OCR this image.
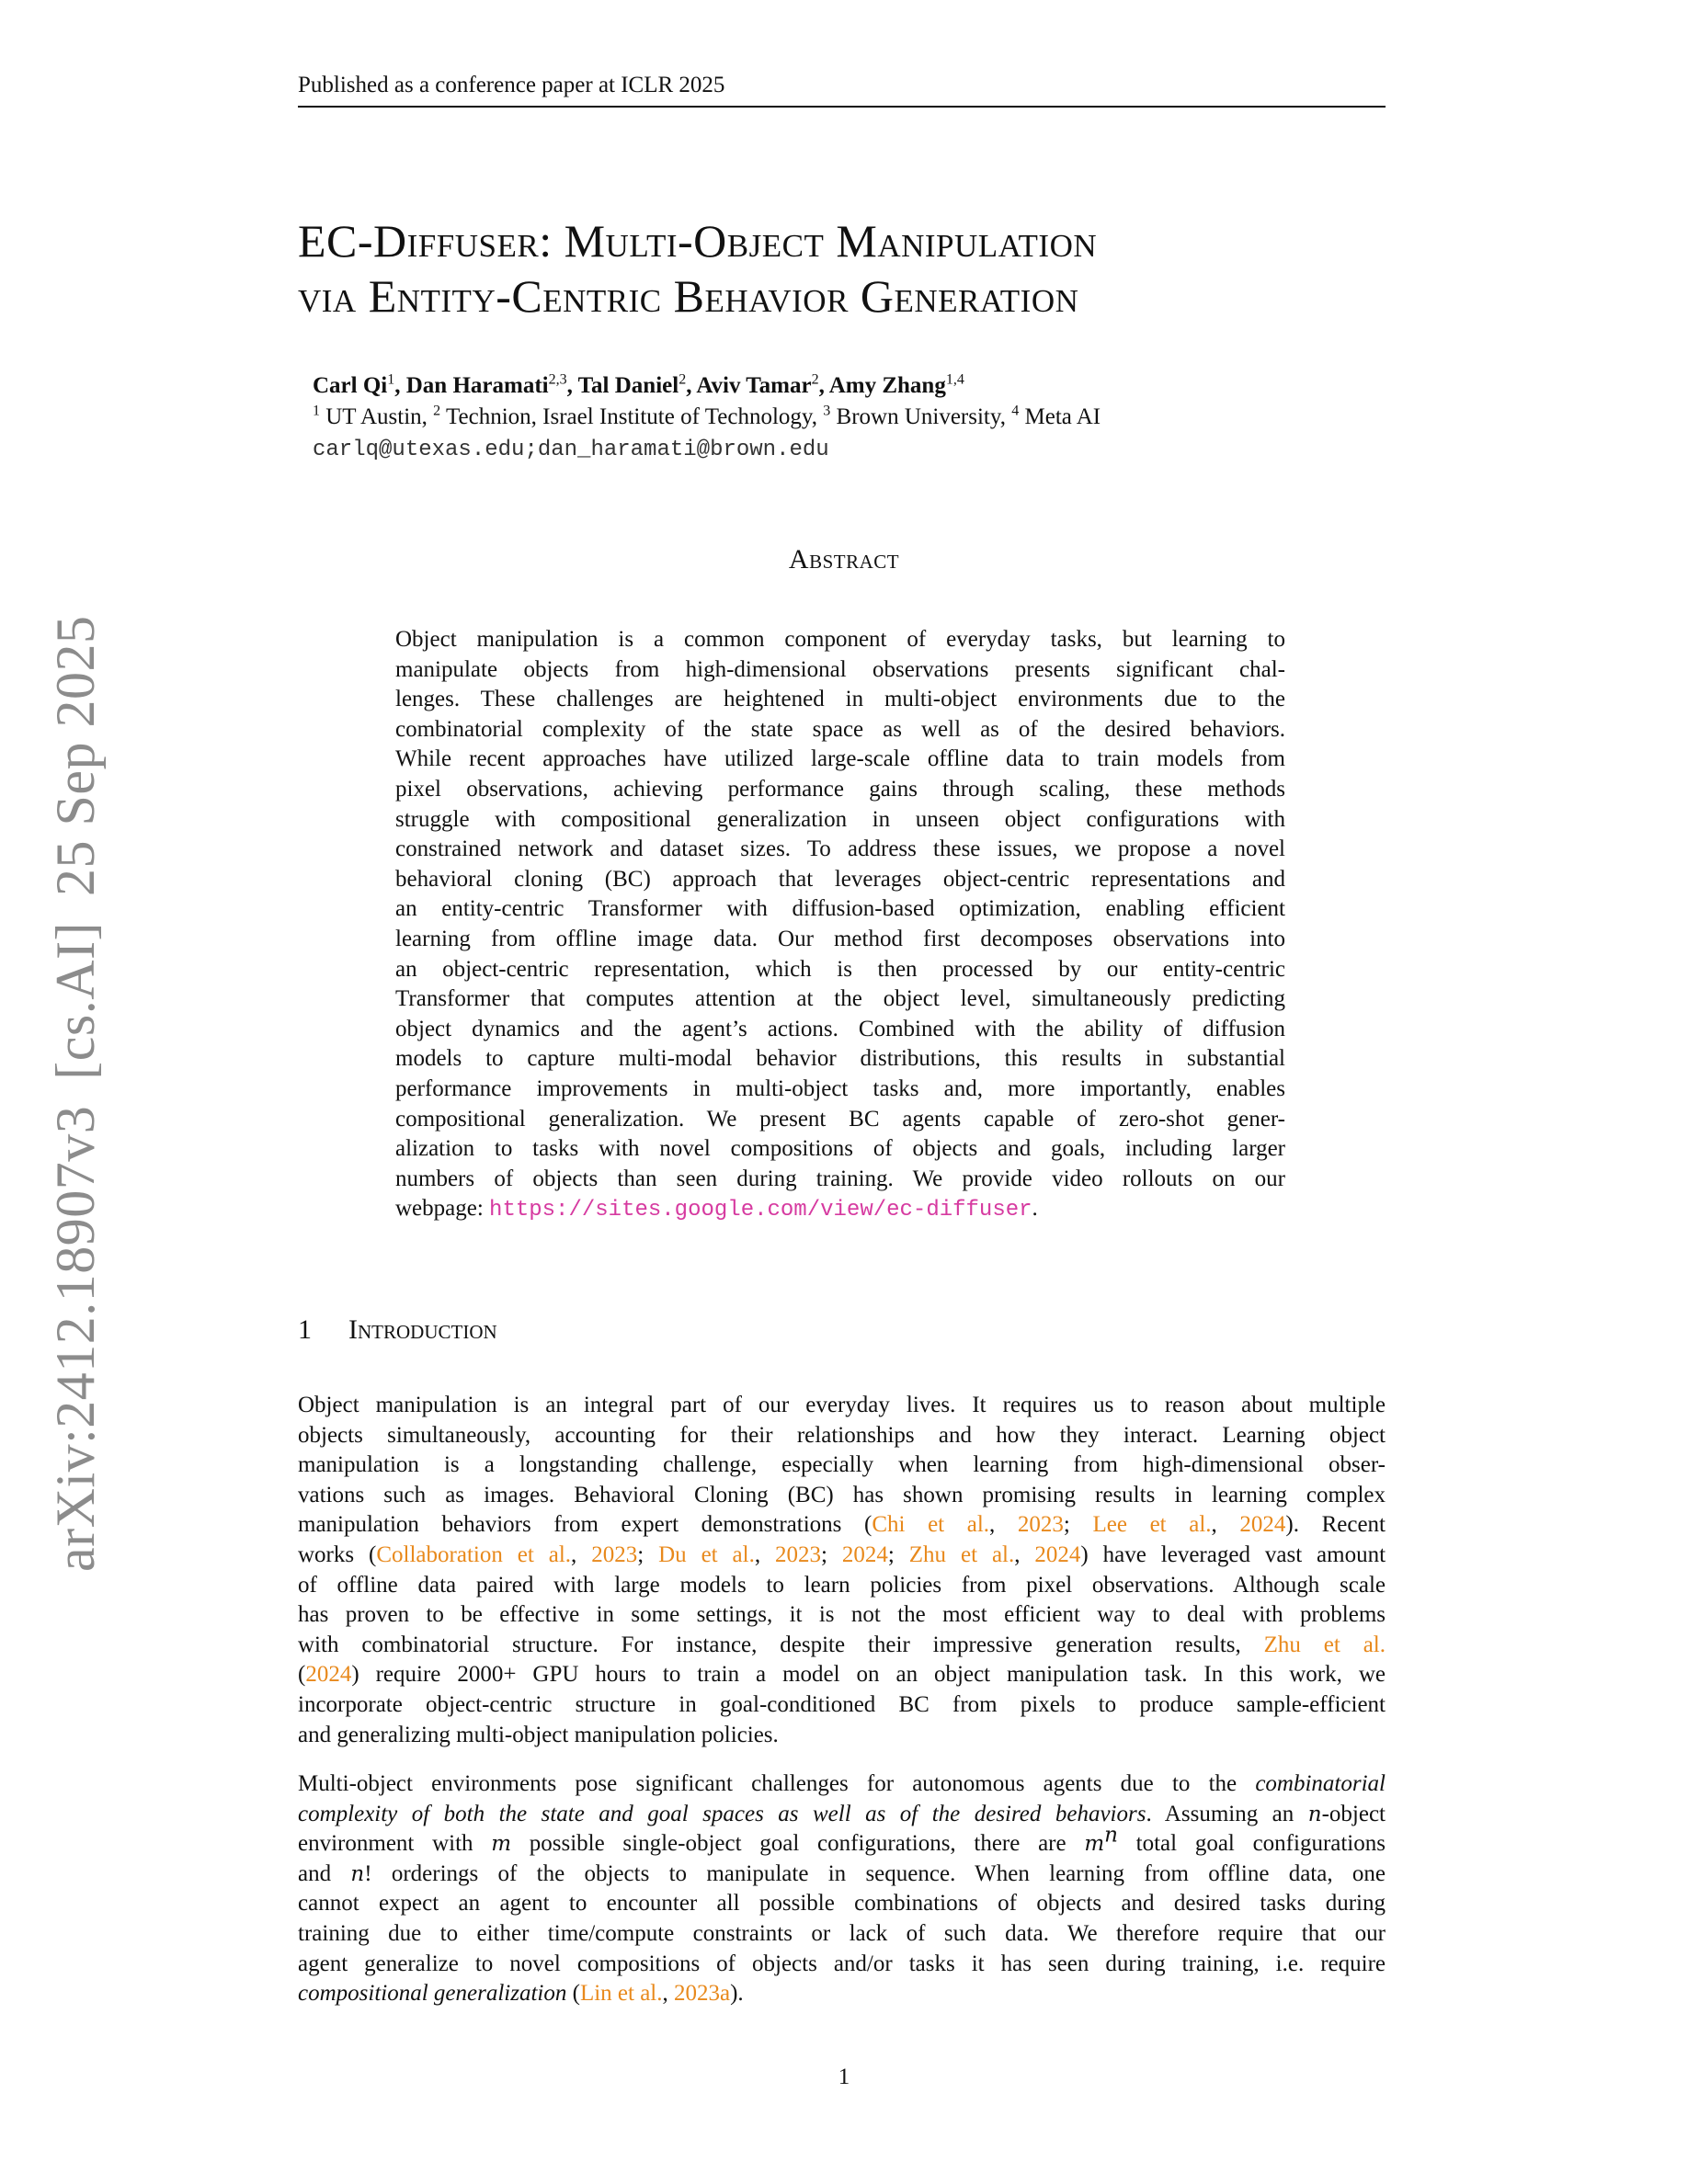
arXiv:2412.18907v3[cs.AI]25 Sep 2025
Published as a conference paper at ICLR 2025
EC-Diffuser: Multi-Object Manipulation
via Entity-Centric Behavior Generation
Carl Qi$^1$, Dan Haramati$^{2,3}$, Tal Daniel$^2$, Aviv Tamar$^2$, Amy Zhang$^{1,4}$
$^1$ UT Austin, $^2$ Technion, Israel Institute of Technology, $^3$ Brown University, $^4$ Meta AI
carlq@utexas.edu;dan_haramati@brown.edu
Abstract
Object manipulation is a common component of everyday tasks, but learning to
manipulate objects from high-dimensional observations presents significant chal-
lenges. These challenges are heightened in multi-object environments due to the
combinatorial complexity of the state space as well as of the desired behaviors.
While recent approaches have utilized large-scale offline data to train models from
pixel observations, achieving performance gains through scaling, these methods
struggle with compositional generalization in unseen object configurations with
constrained network and dataset sizes. To address these issues, we propose a novel
behavioral cloning (BC) approach that leverages object-centric representations and
an entity-centric Transformer with diffusion-based optimization, enabling efficient
learning from offline image data. Our method first decomposes observations into
an object-centric representation, which is then processed by our entity-centric
Transformer that computes attention at the object level, simultaneously predicting
object dynamics and the agent’s actions. Combined with the ability of diffusion
models to capture multi-modal behavior distributions, this results in substantial
performance improvements in multi-object tasks and, more importantly, enables
compositional generalization. We present BC agents capable of zero-shot gener-
alization to tasks with novel compositions of objects and goals, including larger
numbers of objects than seen during training. We provide video rollouts on our
webpage: https://sites.google.com/view/ec-diffuser.
1 Introduction
Object manipulation is an integral part of our everyday lives. It requires us to reason about multiple
objects simultaneously, accounting for their relationships and how they interact. Learning object
manipulation is a longstanding challenge, especially when learning from high-dimensional obser-
vations such as images. Behavioral Cloning (BC) has shown promising results in learning complex
manipulation behaviors from expert demonstrations (Chi et al., 2023; Lee et al., 2024). Recent
works (Collaboration et al., 2023; Du et al., 2023; 2024; Zhu et al., 2024) have leveraged vast amount
of offline data paired with large models to learn policies from pixel observations. Although scale
has proven to be effective in some settings, it is not the most efficient way to deal with problems
with combinatorial structure. For instance, despite their impressive generation results, Zhu et al.
(2024) require 2000+ GPU hours to train a model on an object manipulation task. In this work, we
incorporate object-centric structure in goal-conditioned BC from pixels to produce sample-efficient
and generalizing multi-object manipulation policies.
Multi-object environments pose significant challenges for autonomous agents due to the combinatorial
complexity of both the state and goal spaces as well as of the desired behaviors. Assuming an n-object
environment with m possible single-object goal configurations, there are $m^n$ total goal configurations
and n! orderings of the objects to manipulate in sequence. When learning from offline data, one
cannot expect an agent to encounter all possible combinations of objects and desired tasks during
training due to either time/compute constraints or lack of such data. We therefore require that our
agent generalize to novel compositions of objects and/or tasks it has seen during training, i.e. require
compositional generalization (Lin et al., 2023a).
1
